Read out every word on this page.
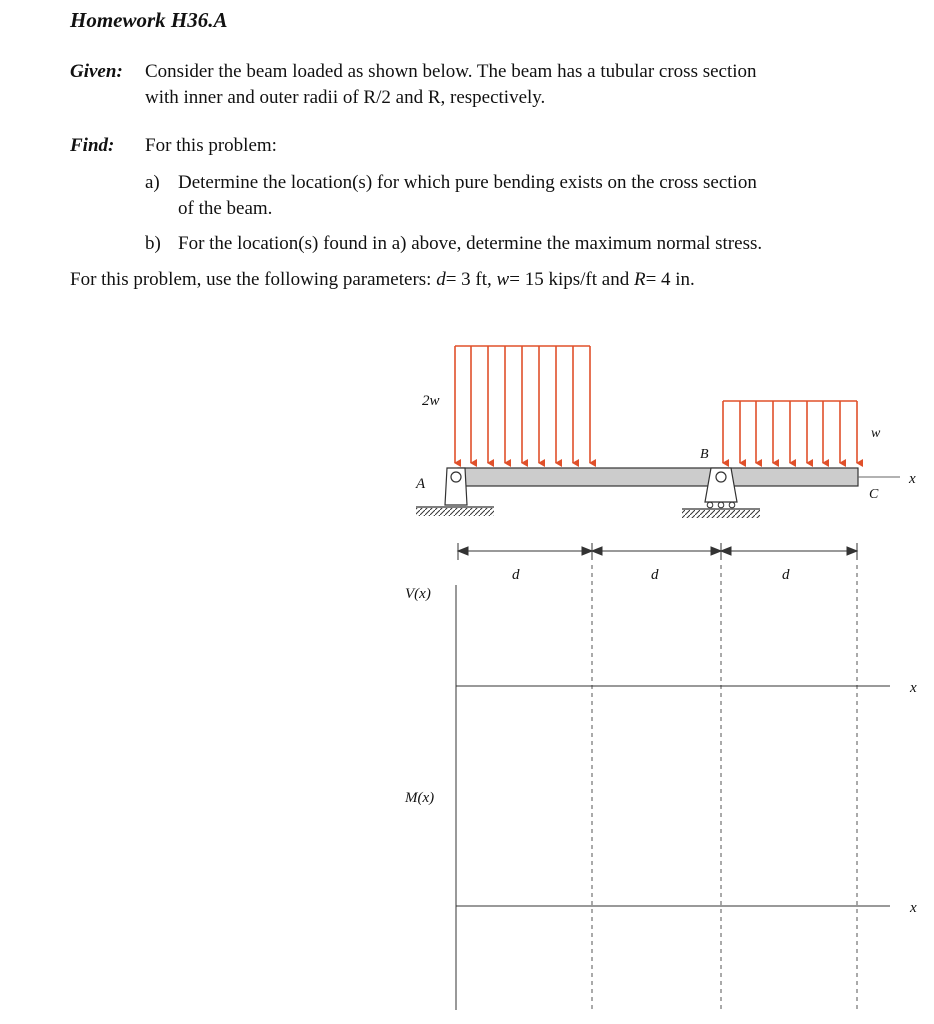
Homework H36.A
Given: Consider the beam loaded as shown below. The beam has a tubular cross section
with inner and outer radii of R/2 and R, respectively.
Find: For this problem:
a) Determine the location(s) for which pure bending exists on the cross section
of the beam.
b) For the location(s) found in a) above, determine the maximum normal stress.
For this problem, use the following parameters: d= 3 ft, w= 15 kips/ft and R= 4 in.
2w
w
x
A
B
C
d	d	d
V(x)
x
M(x)
x
